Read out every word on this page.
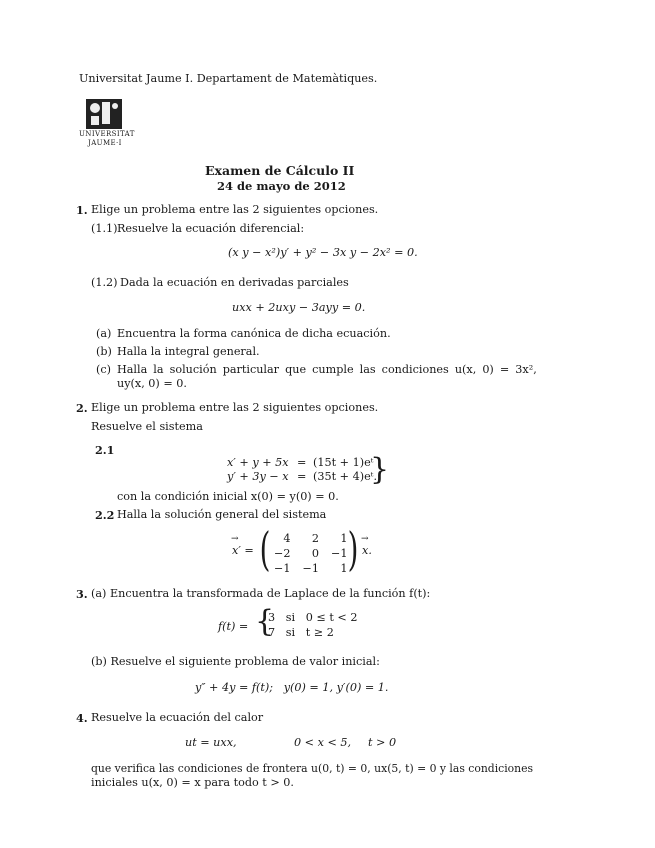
Universitat Jaume I. Departament de Matemàtiques.
UNIVERSITAT
JAUME·I
Examen de Cálculo II
24 de mayo de 2012
1. Elige un problema entre las 2 siguientes opciones.
(1.1) Resuelve la ecuación diferencial:
(x y − x²)y′ + y² − 3x y − 2x² = 0.
(1.2) Dada la ecuación en derivadas parciales
uxx + 2uxy − 3ayy = 0.
(a) Encuentra la forma canónica de dicha ecuación.
(b) Halla la integral general.
(c) Halla la solución particular que cumple las condiciones u(x, 0) = 3x²,
uy(x, 0) = 0.
2. Elige un problema entre las 2 siguientes opciones.
Resuelve el sistema
2.1
x′ + y + 5x = (15t + 1)eᵗ
y′ + 3y − x = (35t + 4)eᵗ.
}
con la condición inicial x(0) = y(0) = 0.
2.2 Halla la solución general del sistema
→
x′ = ( 4	2	1
−2	0	−1
−1	−1	1 ) →
x.
3. (a) Encuentra la transformada de Laplace de la función f(t):
f(t) = {
3   si   0 ≤ t < 2
7   si   t ≥ 2
(b) Resuelve el siguiente problema de valor inicial:
y″ + 4y = f(t);   y(0) = 1, y′(0) = 1.
4. Resuelve la ecuación del calor
ut = uxx,	0 < x < 5, t > 0
que verifica las condiciones de frontera u(0, t) = 0, ux(5, t) = 0 y las condiciones
iniciales u(x, 0) = x para todo t > 0.
